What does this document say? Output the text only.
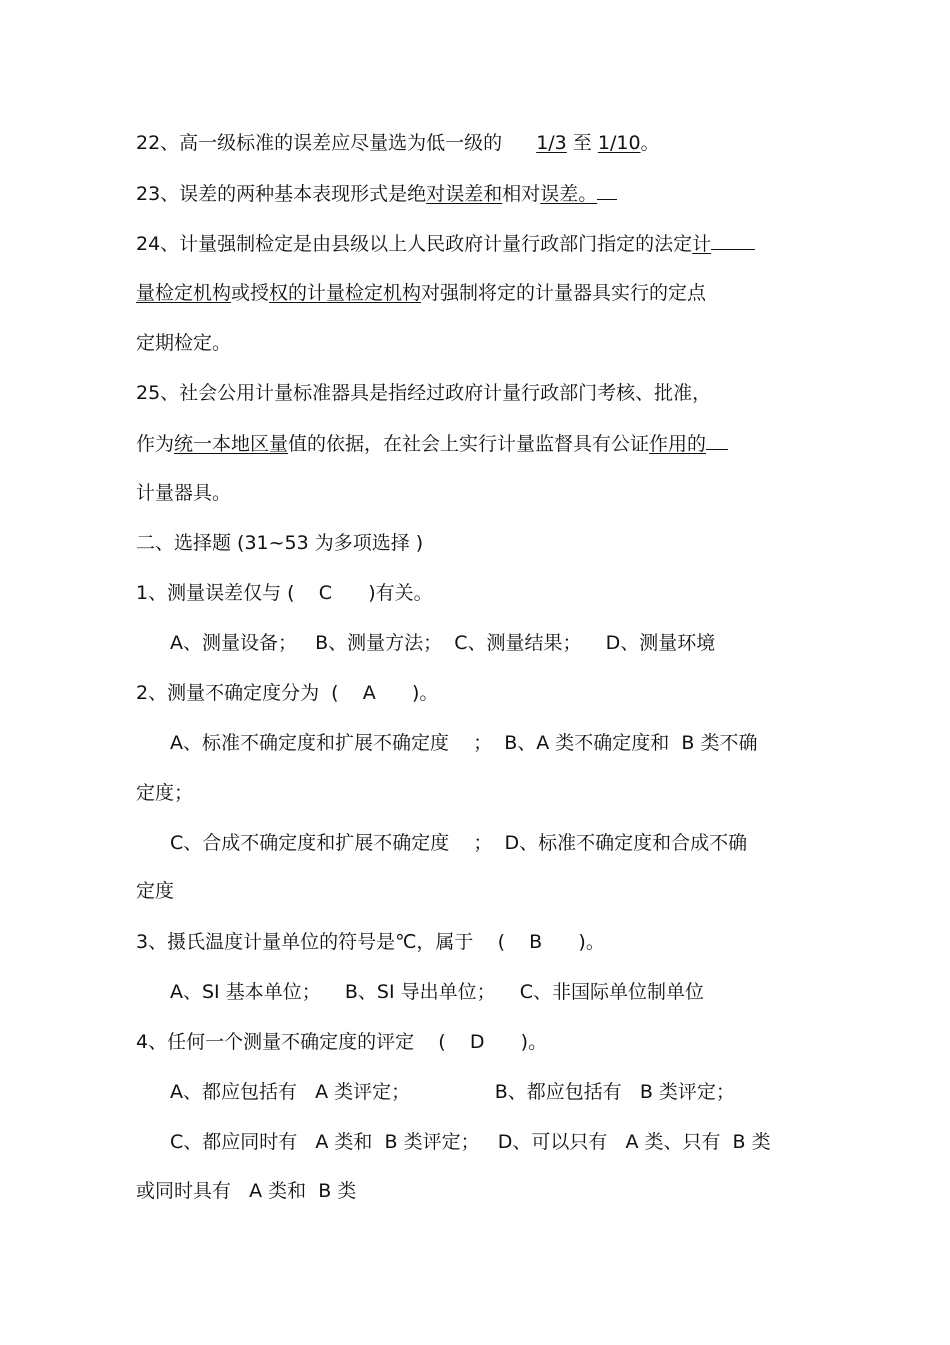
22、高一级标准的误差应尽量选为低一级的 1/3 至 1/10。
23、误差的两种基本表现形式是绝对误差和相对误差。
24、计量强制检定是由县级以上人民政府计量行政部门指定的法定计
量检定机构或授权的计量检定机构对强制将定的计量器具实行的定点
定期检定。
25、社会公用计量标准器具是指经过政府计量行政部门考核、批准，
作为统一本地区量值的依据，在社会上实行计量监督具有公证作用的
计量器具。
二、选择题 (31~53 为多项选择 )
1、测量误差仅与 (    C      )有关。
A、测量设备；   B、测量方法；  C、测量结果；    D、测量环境
2、测量不确定度分为  (    A      )。
A、标准不确定度和扩展不确定度    ；  B、A 类不确定度和  B 类不确
定度；
C、合成不确定度和扩展不确定度    ；  D、标准不确定度和合成不确
定度
3、摄氏温度计量单位的符号是℃，属于    (    B      )。
A、SI 基本单位；    B、SI 导出单位；    C、非国际单位制单位
4、任何一个测量不确定度的评定    (    D      )。
A、都应包括有   A 类评定；              B、都应包括有   B 类评定；
C、都应同时有   A 类和  B 类评定；   D、可以只有   A 类、只有  B 类
或同时具有   A 类和  B 类
